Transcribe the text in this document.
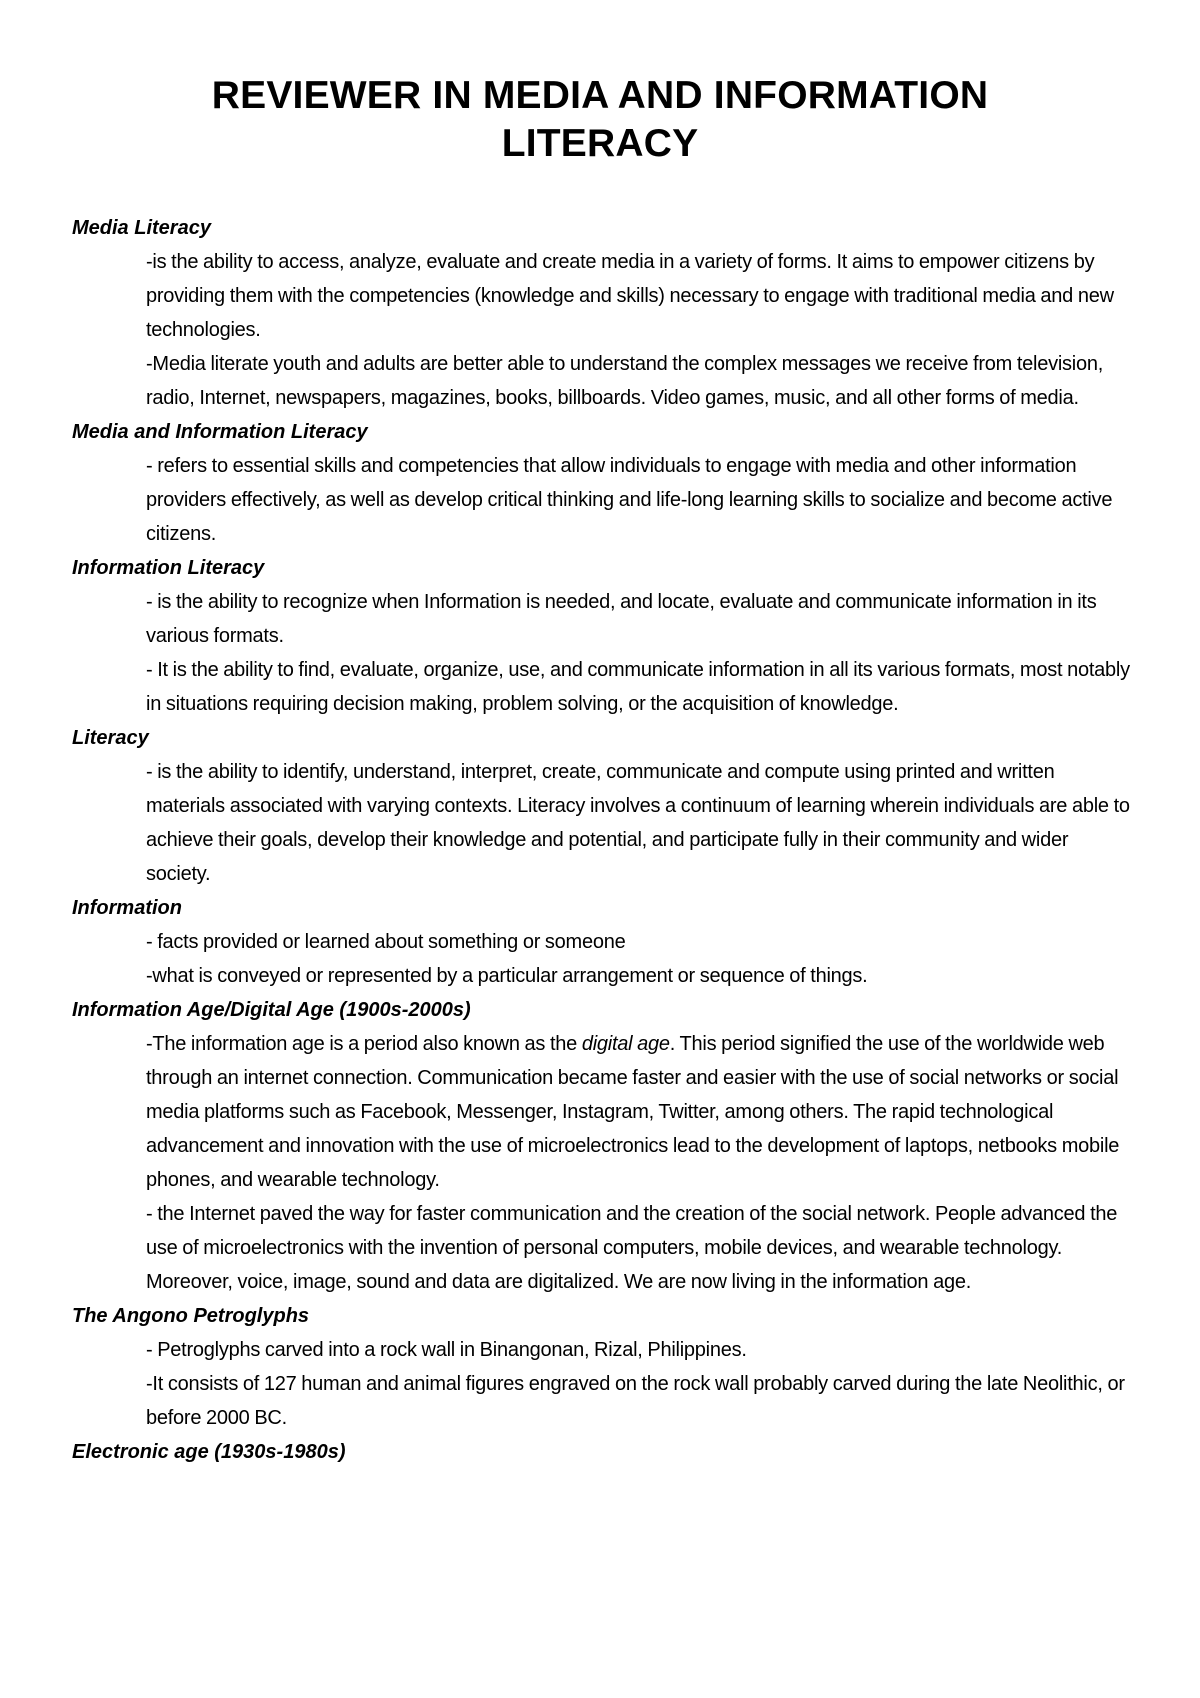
REVIEWER IN MEDIA AND INFORMATION LITERACY
Media Literacy
-is the ability to access, analyze, evaluate and create media in a variety of forms. It aims to empower citizens by providing them with the competencies (knowledge and skills) necessary to engage with traditional media and new technologies.
-Media literate youth and adults are better able to understand the complex messages we receive from television, radio, Internet, newspapers, magazines, books, billboards. Video games, music, and all other forms of media.
Media and Information Literacy
- refers to essential skills and competencies that allow individuals to engage with media and other information providers effectively, as well as develop critical thinking and life-long learning skills to socialize and become active citizens.
Information Literacy
- is the ability to recognize when Information is needed, and locate, evaluate and communicate information in its various formats.
- It is the ability to find, evaluate, organize, use, and communicate information in all its various formats, most notably in situations requiring decision making, problem solving, or the acquisition of knowledge.
Literacy
- is the ability to identify, understand, interpret, create, communicate and compute using printed and written materials associated with varying contexts. Literacy involves a continuum of learning wherein individuals are able to achieve their goals, develop their knowledge and potential, and participate fully in their community and wider society.
Information
- facts provided or learned about something or someone
-what is conveyed or represented by a particular arrangement or sequence of things.
Information Age/Digital Age (1900s-2000s)
-The information age is a period also known as the digital age. This period signified the use of the worldwide web through an internet connection. Communication became faster and easier with the use of social networks or social media platforms such as Facebook, Messenger, Instagram, Twitter, among others. The rapid technological advancement and innovation with the use of microelectronics lead to the development of laptops, netbooks mobile phones, and wearable technology.
- the Internet paved the way for faster communication and the creation of the social network. People advanced the use of microelectronics with the invention of personal computers, mobile devices, and wearable technology. Moreover, voice, image, sound and data are digitalized. We are now living in the information age.
The Angono Petroglyphs
- Petroglyphs carved into a rock wall in Binangonan, Rizal, Philippines.
-It consists of 127 human and animal figures engraved on the rock wall probably carved during the late Neolithic, or before 2000 BC.
Electronic age (1930s-1980s)
